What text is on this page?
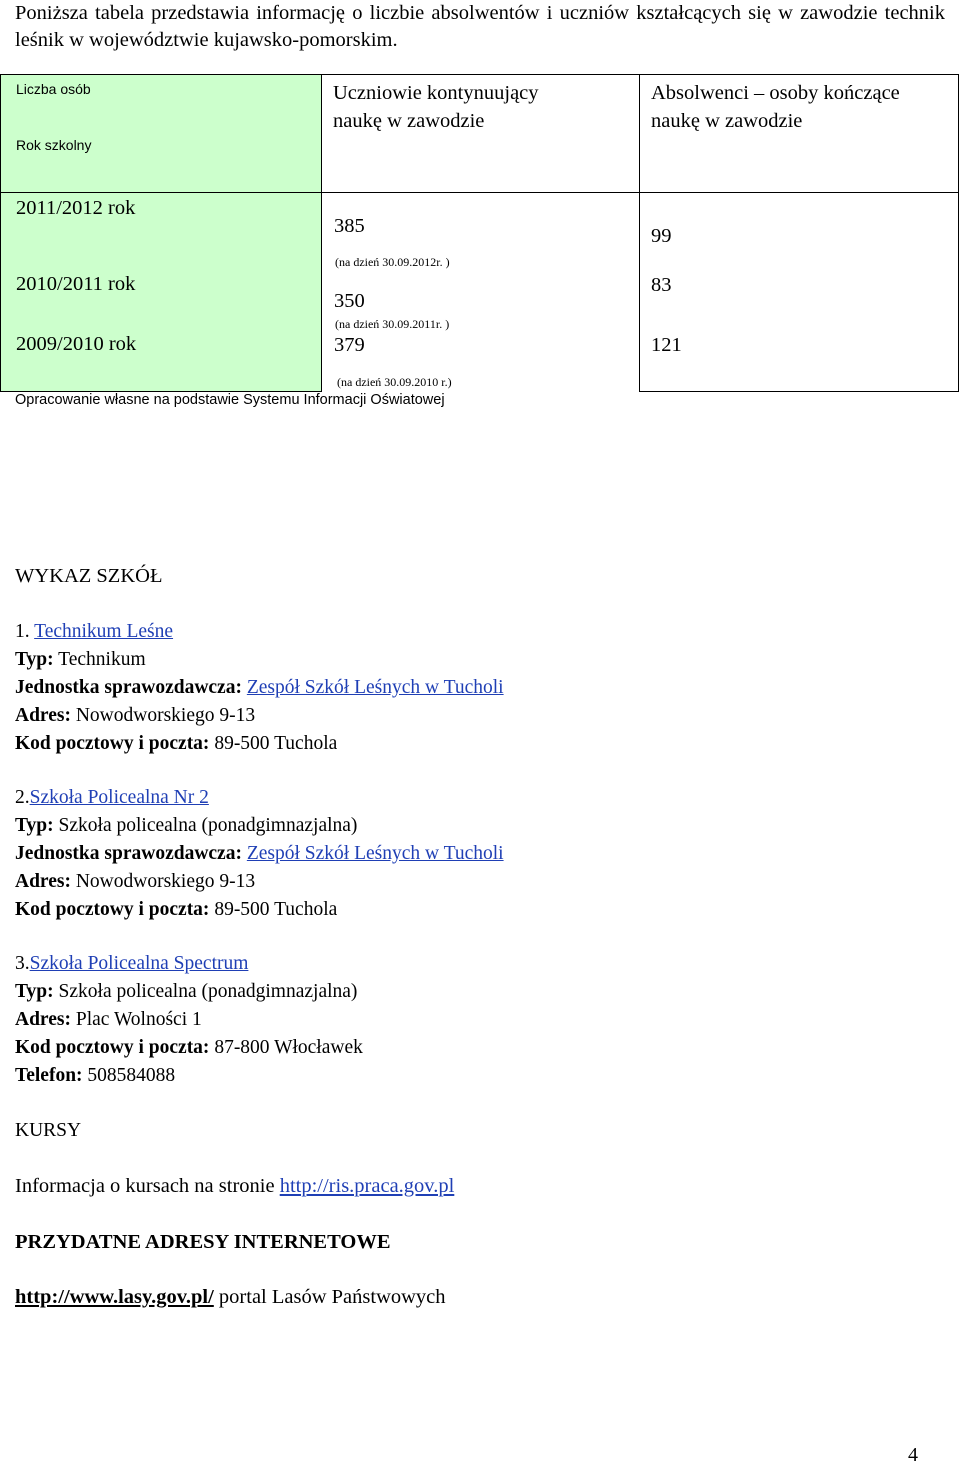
Poniższa tabela przedstawia informację o liczbie absolwentów i uczniów kształcących się w zawodzie technik leśnik w województwie kujawsko-pomorskim.
Liczba osób
Rok szkolny
Uczniowie kontynuujący
naukę w zawodzie
Absolwenci – osoby kończące
naukę w zawodzie
2011/2012 rok
2010/2011 rok
2009/2010 rok
385
(na dzień 30.09.2012r. )
350
(na dzień 30.09.2011r. )
379
(na dzień 30.09.2010 r.)
99
83
121
Opracowanie własne na podstawie Systemu Informacji Oświatowej
WYKAZ SZKÓŁ
1. Technikum Leśne
Typ: Technikum
Jednostka sprawozdawcza: Zespół Szkół Leśnych w Tucholi
Adres: Nowodworskiego 9-13
Kod pocztowy i poczta: 89-500 Tuchola
2.Szkoła Policealna Nr 2
Typ: Szkoła policealna (ponadgimnazjalna)
Jednostka sprawozdawcza: Zespół Szkół Leśnych w Tucholi
Adres: Nowodworskiego 9-13
Kod pocztowy i poczta: 89-500 Tuchola
3.Szkoła Policealna Spectrum
Typ: Szkoła policealna (ponadgimnazjalna)
Adres: Plac Wolności 1
Kod pocztowy i poczta: 87-800 Włocławek
Telefon: 508584088
KURSY
Informacja o kursach na stronie http://ris.praca.gov.pl
PRZYDATNE ADRESY INTERNETOWE
http://www.lasy.gov.pl/ portal Lasów Państwowych
4
